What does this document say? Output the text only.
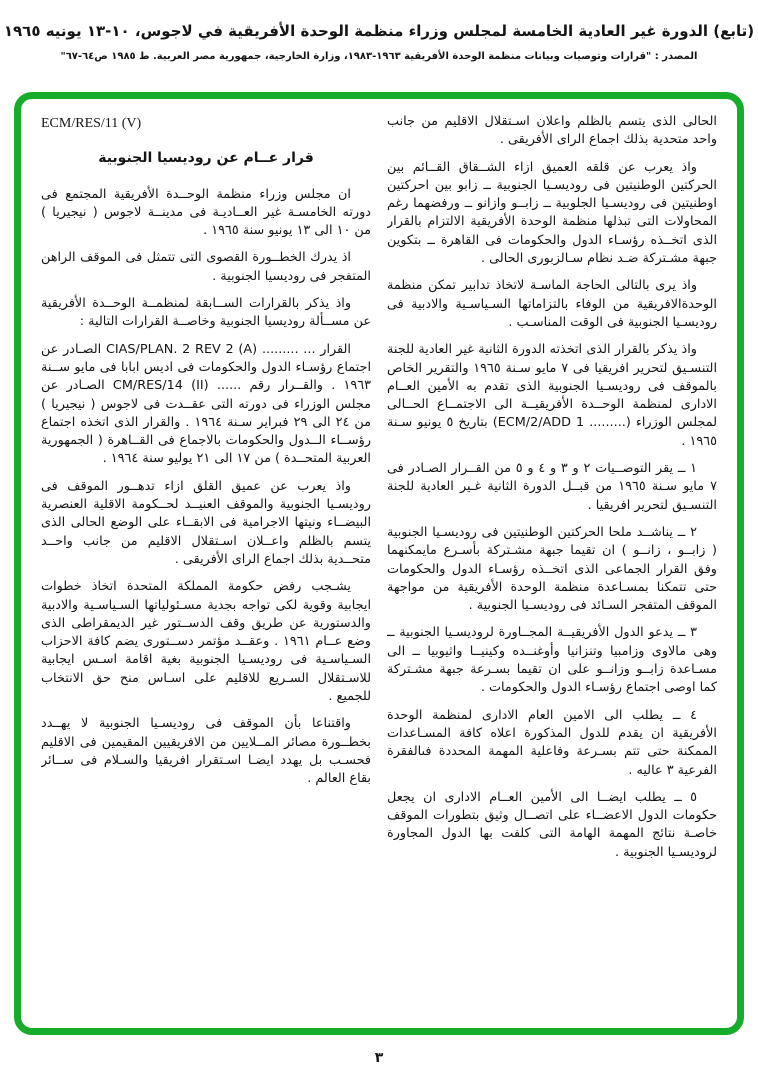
(تابع) الدورة غير العادية الخامسة لمجلس وزراء منظمة الوحدة الأفريقية في لاجوس، ١٠-١٣ يونيه ١٩٦٥
المصدر : "قرارات وتوصيات وبيانات منظمة الوحدة الأفريقية ١٩٦٣-١٩٨٣، وزارة الخارجية، جمهورية مصر العربية. ط ١٩٨٥ ص٦٤-٦٧"

الحالى الذى يتسم بالظلم واعلان اسـتقلال الاقليم من جانب واحد متحدية بذلك اجماع الراى الأفريقى .

واذ يعرب عن قلقه العميق ازاء الشــقاق القــائم بين الحركتين الوطنيتين فى روديسـيا الجنوبية ــ زابو بين احركتين اوطنيتين فى روديسـيا الجلوبية ــ زابــو وازانو ــ ورفضهما رغم المحاولات التى تبذلها منظمة الوحدة الأفريقية الالتزام بالقرار الذى اتخــذه رؤسـاء الدول والحكومات فى القاهرة ــ بتكوين جبهة مشـتركة ضـد نظام سـالزبورى الحالى .

واذ يرى بالتالى الحاجة الماسـة لاتخاذ تدابير تمكن منظمة الوحدةالافريقية من الوفاء بالتزاماتها السـياسـية والادبية فى روديسـيا الجنوبية فى الوقت المناسـب .

واذ يذكر بالقرار الذى اتخذته الدورة الثانية غير العادية للجنة التنسـيق لتحرير افريقيا فى ٧ مايو سـنة ١٩٦٥ والتقرير الخاص بالموقف فى روديسـيا الجنوبية الذى تقدم به الأمين العــام الادارى لمنظمة الوحــدة الأفريقيــة الى الاجتمــاع الحــالى لمجلس الوزراء ⁦(ECM/2/ADD 1 .........)⁩ بتاريخ ٥ يونيو سـنة ١٩٦٥ .

١ ــ يقر التوصــيات ٢ و ٣ و ٤ و ٥ من القــرار الصـادر فى ٧ مايو سـنة ١٩٦٥ من قبــل الدورة الثانية غـير العادية للجنة التنسـيق لتحرير افريقيا .

٢ ــ يناشــد ملحا الحركتين الوطنيتين فى روديسـيا الجنوبية ( زابــو ، زانــو ) ان تقيما جبهة مشـتركة بأسـرع مايمكنهما وفق القرار الجماعى الذى اتخــذه رؤسـاء الدول والحكومات حتى تتمكنا بمسـاعدة منظمة الوحدة الأفريقية من مواجهة الموقف المتفجر السـائد فى روديسـيا الجنوبية .

٣ ــ يدعو الدول الأفريقيــة المجــاورة لروديسـيا الجنوبية ــ وهى مالاوى وزامبيا وتنزانيا وأوغنــده وكينيــا واثيوبيا ــ الى مسـاعدة زابــو وزانــو على ان تقيما بسـرعة جبهة مشـتركة كما اوصى اجتماع رؤسـاء الدول والحكومات .

٤ ــ يطلب الى الامين العام الادارى لمنظمة الوحدة الأفريقية ان يقدم للدول المذكورة اعلاه كافة المسـاعدات الممكنة حتى تتم بسـرعة وفاعلية المهمة المحددة فىالفقرة الفرعية ٣ عاليه .

٥ ــ يطلب ايضــا الى الأمين العــام الادارى ان يجعل حكومات الدول الاعضــاء على اتصــال وثيق بتطورات الموقف خاصـة نتائج المهمة الهامة التى كلفت بها الدول المجاورة لروديسـيا الجنوبية .

ECM/RES/11 (V)
قرار عــام عن روديسيا الجنوبية

ان مجلس وزراء منظمة الوحــدة الأفريقية المجتمع فى دورته الخامسـة غير العــاديـة فى مدينــة لاجوس ( نيجيريا ) من ١٠ الى ١٣ يونيو سنة ١٩٦٥ .

اذ يدرك الخطــورة القصوى التى تتمثل فى الموقف الراهن المتفجر فى روديسيا الجنوبية .

واذ يذكر بالقرارات الســابقة لمنظمــة الوحــدة الأفريقية عن مســألة روديسيا الجنوبية وخاصــة القرارات التالية :

القرار ... ......... ⁦CIAS/PLAN. 2 REV 2 (A)⁩ الصـادر عن اجتماع رؤسـاء الدول والحكومات فى اديس ابابا فى مايو ســنة ١٩٦٣ . والقــرار رقم ...... ⁦CM/RES/14 (II)⁩ الصـادر عن مجلس الوزراء فى دورته التى عقــدت فى لاجوس ( نيجيريا ) من ٢٤ الى ٢٩ فبراير سـنة ١٩٦٤ . والقرار الذى اتخذه اجتماع رؤســاء الــدول والحكومات بالاجماع فى القــاهرة ( الجمهورية العربية المتحــدة ) من ١٧ الى ٢١ يوليو سنة ١٩٦٤ .

واذ يعرب عن عميق القلق ازاء تدهــور الموقف فى روديسـيا الجنوبية والموقف العنيــد لحــكومة الاقلية العنصرية البيضــاء ونيتها الاجرامية فى الابقــاء على الوضع الحالى الذى يتسم بالظلم واعــلان اسـتقلال الاقليم من جانب واحــد متحــدية بذلك اجماع الراى الأفريقى .

يشـجب رفض حكومة المملكة المتحدة اتخاذ خطوات ايجابية وقوية لكى تواجه بجدية مسـئولياتها السـياسـية والادبية والدستورية عن طريق وقف الدســتور غير الديمقراطى الذى وضع عــام ١٩٦١ . وعقــد مؤتمر دســتورى يضم كافة الاحزاب السـياسـية فى روديسـيا الجنوبية بغية اقامة اسـس ايجابية للاسـتقلال السـريع للاقليم على اسـاس منح حق الانتخاب للجميع .

واقتناعا بأن الموقف فى روديسـيا الجنوبية لا يهــدد بخطــورة مصائر المــلايين من الافريقيين المقيمين فى الاقليم فحسـب بل يهدد ايضـا اسـتقرار افريقيا والسـلام فى ســائر بقاع العالم .

٣
